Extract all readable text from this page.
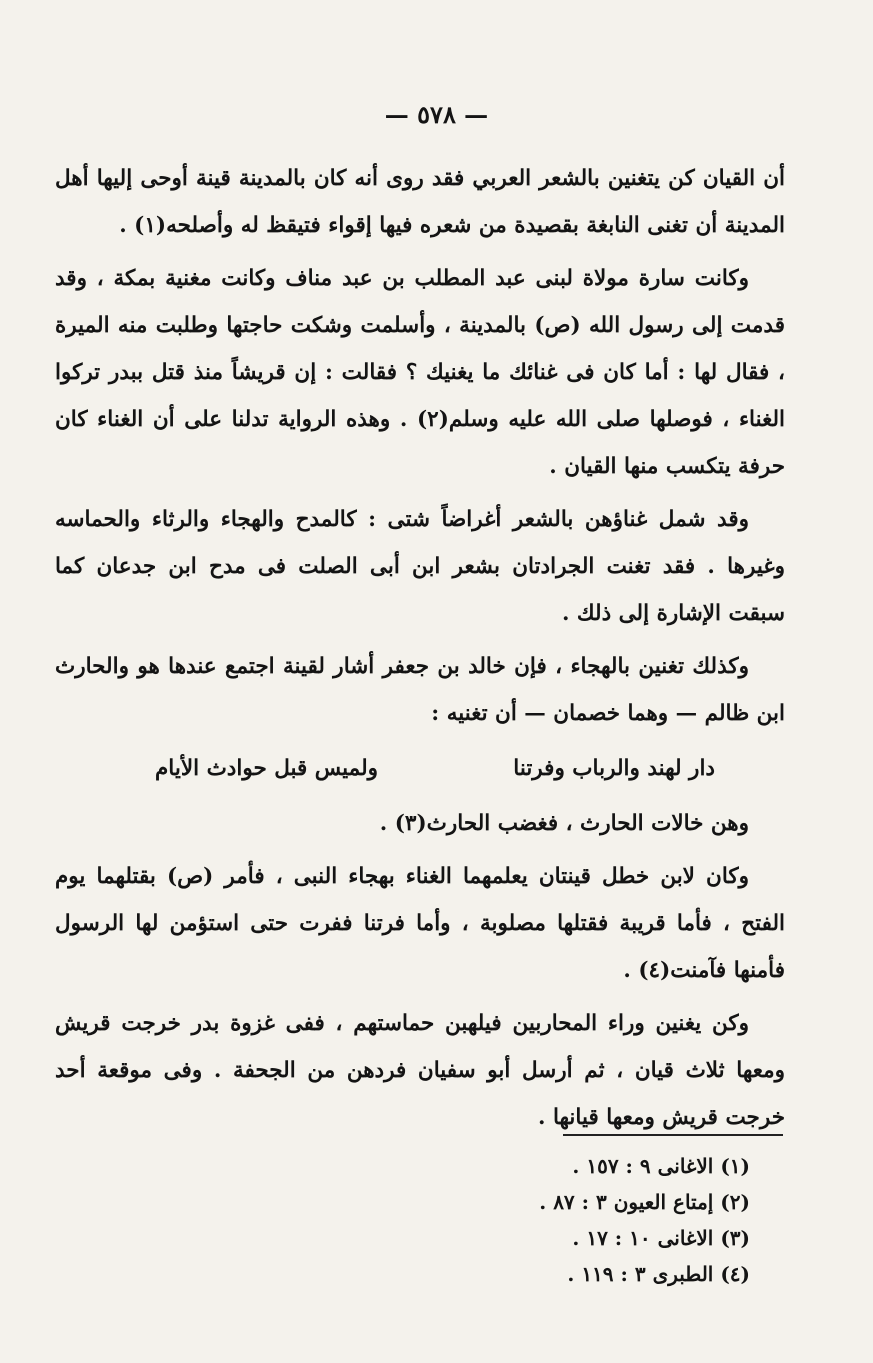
— ٥٧٨ —

أن القيان كن يتغنين بالشعر العربي فقد روى أنه كان بالمدينة قينة أوحى إليها أهل المدينة أن تغنى النابغة بقصيدة من شعره فيها إقواء فتيقظ له وأصلحه(١) .

وكانت سارة مولاة لبنى عبد المطلب بن عبد مناف وكانت مغنية بمكة ، وقد قدمت إلى رسول الله (ص) بالمدينة ، وأسلمت وشكت حاجتها وطلبت منه الميرة ، فقال لها : أما كان فى غنائك ما يغنيك ؟ فقالت : إن قريشاً منذ قتل ببدر تركوا الغناء ، فوصلها صلى الله عليه وسلم(٢) . وهذه الرواية تدلنا على أن الغناء كان حرفة يتكسب منها القيان .

وقد شمل غناؤهن بالشعر أغراضاً شتى : كالمدح والهجاء والرثاء والحماسه وغيرها . فقد تغنت الجرادتان بشعر ابن أبى الصلت فى مدح ابن جدعان كما سبقت الإشارة إلى ذلك .

وكذلك تغنين بالهجاء ، فإن خالد بن جعفر أشار لقينة اجتمع عندها هو والحارث ابن ظالم — وهما خصمان — أن تغنيه :

دار لهند والرباب وفرتنا
ولميس قبل حوادث الأيام

وهن خالات الحارث ، فغضب الحارث(٣) .

وكان لابن خطل قينتان يعلمهما الغناء بهجاء النبى ، فأمر (ص) بقتلهما يوم الفتح ، فأما قريبة فقتلها مصلوبة ، وأما فرتنا ففرت حتى استؤمن لها الرسول فأمنها فآمنت(٤) .

وكن يغنين وراء المحاربين فيلهبن حماستهم ، ففى غزوة بدر خرجت قريش ومعها ثلاث قيان ، ثم أرسل أبو سفيان فردهن من الجحفة . وفى موقعة أحد خرجت قريش ومعها قيانها .

(١) الاغانى ٩ : ١٥٧ .
(٢) إمتاع العيون ٣ : ٨٧ .
(٣) الاغانى ١٠ : ١٧ .
(٤) الطبرى ٣ : ١١٩ .
